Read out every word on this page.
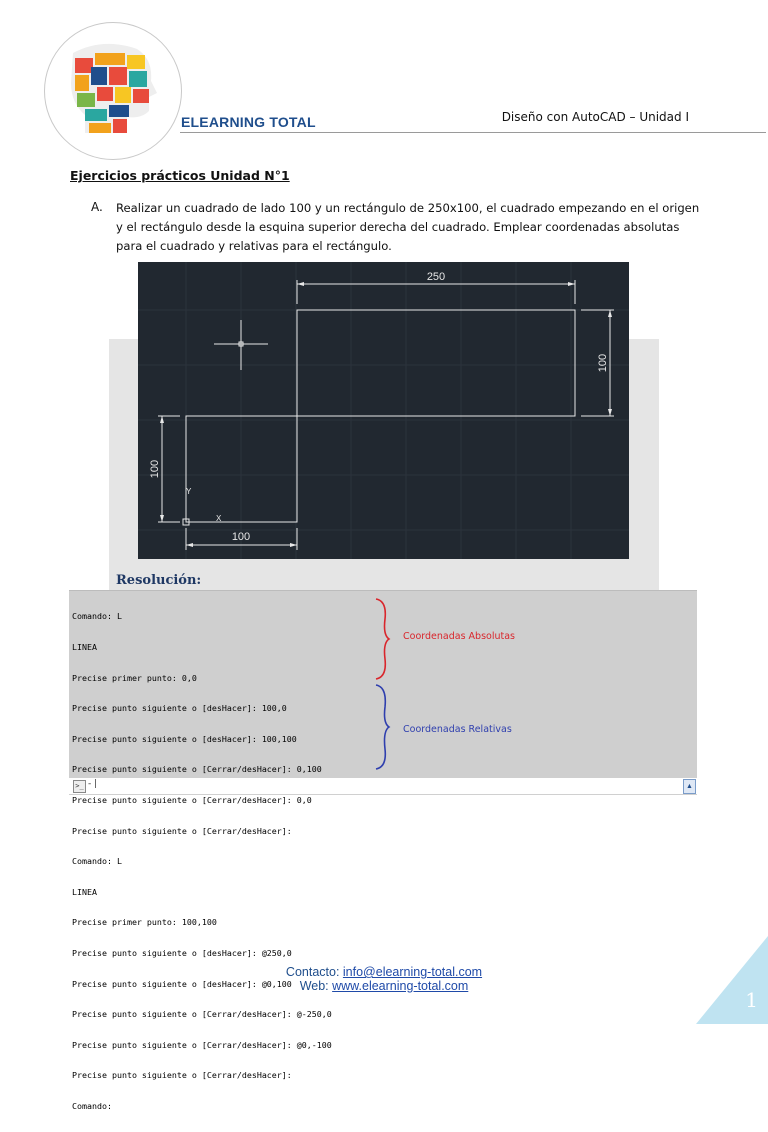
ELEARNING TOTAL	Diseño con AutoCAD – Unidad I
Ejercicios prácticos Unidad N°1
A. Realizar un cuadrado de lado 100 y un rectángulo de 250x100, el cuadrado empezando en el origen y el rectángulo desde la esquina superior derecha del cuadrado. Emplear coordenadas absolutas para el cuadrado y relativas para el rectángulo.
250
100
100
100
Y
X
Resolución:

Comando: L

LINEA

Precise primer punto: 0,0

Precise punto siguiente o [desHacer]: 100,0

Precise punto siguiente o [desHacer]: 100,100

Precise punto siguiente o [Cerrar/desHacer]: 0,100

Precise punto siguiente o [Cerrar/desHacer]: 0,0

Precise punto siguiente o [Cerrar/desHacer]:

Comando: L

LINEA

Precise primer punto: 100,100

Precise punto siguiente o [desHacer]: @250,0

Precise punto siguiente o [desHacer]: @0,100

Precise punto siguiente o [Cerrar/desHacer]: @-250,0

Precise punto siguiente o [Cerrar/desHacer]: @0,-100

Precise punto siguiente o [Cerrar/desHacer]:

Comando:

Coordenadas Absolutas
Coordenadas Relativas
>_ - |	▲
Contacto: info@elearning-total.com
Web: www.elearning-total.com
1
